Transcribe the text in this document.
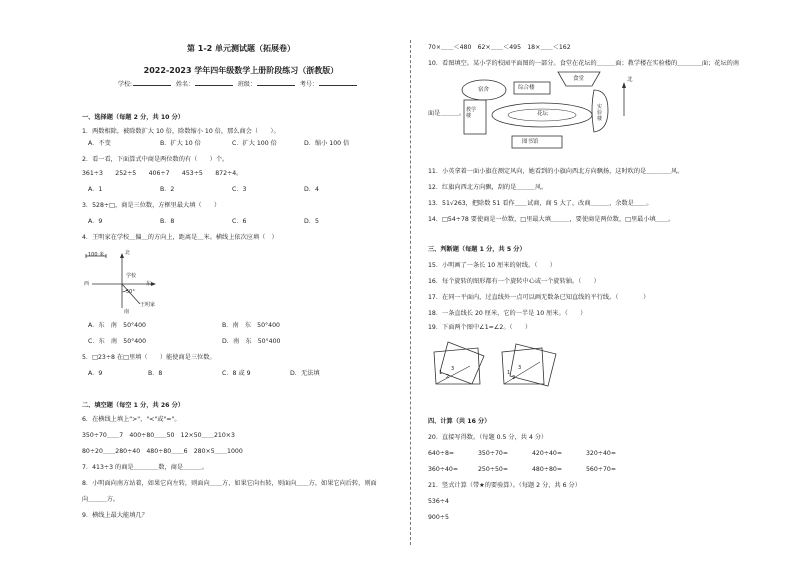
第 1-2 单元测试题（拓展卷）
2022-2023 学年四年级数学上册阶段练习（浙教版）
学校:	姓名：	班级：	考号：
一、选择题（每题 2 分，共 10 分）
1．两数相除，被除数扩大 10 倍，除数缩小 10 倍，那么商会（　　）。
A．不变	B．扩大 10 倍	C．扩大 100 倍	D．缩小 100 倍
2．看一看，下面算式中商是两位数的有（　　）个。
361÷3　　252÷5　　406÷7　　453÷5　　872÷4。
A．1	B．2	C．3	D．4
3．528÷□，商是三位数，方框里最大填（　　）
A．9	B．8	C．6	D．5
4．王明家在学校＿偏＿的方向上，距离是＿米。横线上依次应填（　）
100 米	北
南
西	东
学校
50°
王明家
A．东　南　50°400	B．南　东　50°400
C．东　南　50°400	D．南　东　50°400
5．□23÷8 在□里填（　　）能使商是三位数。
A．9	B．8	C．8 或 9	D．无法填
二、填空题（每空 1 分，共 26 分）
6．在横线上填上">"、"<"或"="。
350÷70＿＿7　400÷80＿＿50　12×50＿＿210×3
80÷20＿＿280÷40　480÷80＿＿6　280×5＿＿1000
7．413÷3 的商是＿＿＿＿数，商是＿＿＿。
8．小明面向南方站着，如果它向左转，则面向＿＿方，如果它向右转，则面向＿＿方，如果它向后转，则面
向＿＿＿方。
9．横线上最大能填几？
70×＿＿＜480　62×＿＿＜495　18×＿＿＜162
10．看图填空。某小学的校园平面图的一部分。食堂在花坛的＿＿＿面；教学楼在实验楼的＿＿＿＿面；花坛的南
食堂
宿舍	综合楼
花坛
教学楼
实验楼
图书馆
北
面是＿＿＿。
11．小英拿着一面小旗在测定风向，她看到的小旗向西北方向飘扬，这时吹的是＿＿＿＿风。
12．红旗向西北方向飘，刮的是＿＿＿风。
13．51√263，把除数 51 看作＿＿试商，商 5 大了，改商＿＿＿，余数是＿＿。
14．□54÷78 要使商是一位数，□里最大填＿＿＿，要使商是两位数，□里最小填＿＿。
三、判断题（每题 1 分，共 5 分）
15．小明画了一条长 10 厘米的射线。（　　）
16．每个旋转的图形都有一个旋转中心或一个旋转轴。（　　）
17．在同一平面内，过直线外一点可以画无数条已知直线的平行线。（　　　　）
18．一条直线长 20 厘米，它的一半是 10 厘米。（　　）
19．下面两个图中∠1=∠2。（　　）
1
2
3
1
2
3
四、计算（共 16 分）
20．直接写得数。（每题 0.5 分，共 4 分）
640÷8=	350÷70=	420÷40=	320÷40=
360÷40=	250÷50=	480÷80=	560÷70=
21．竖式计算（带★的要验算）。（每题 2 分，共 6 分）
536÷4
900÷5
